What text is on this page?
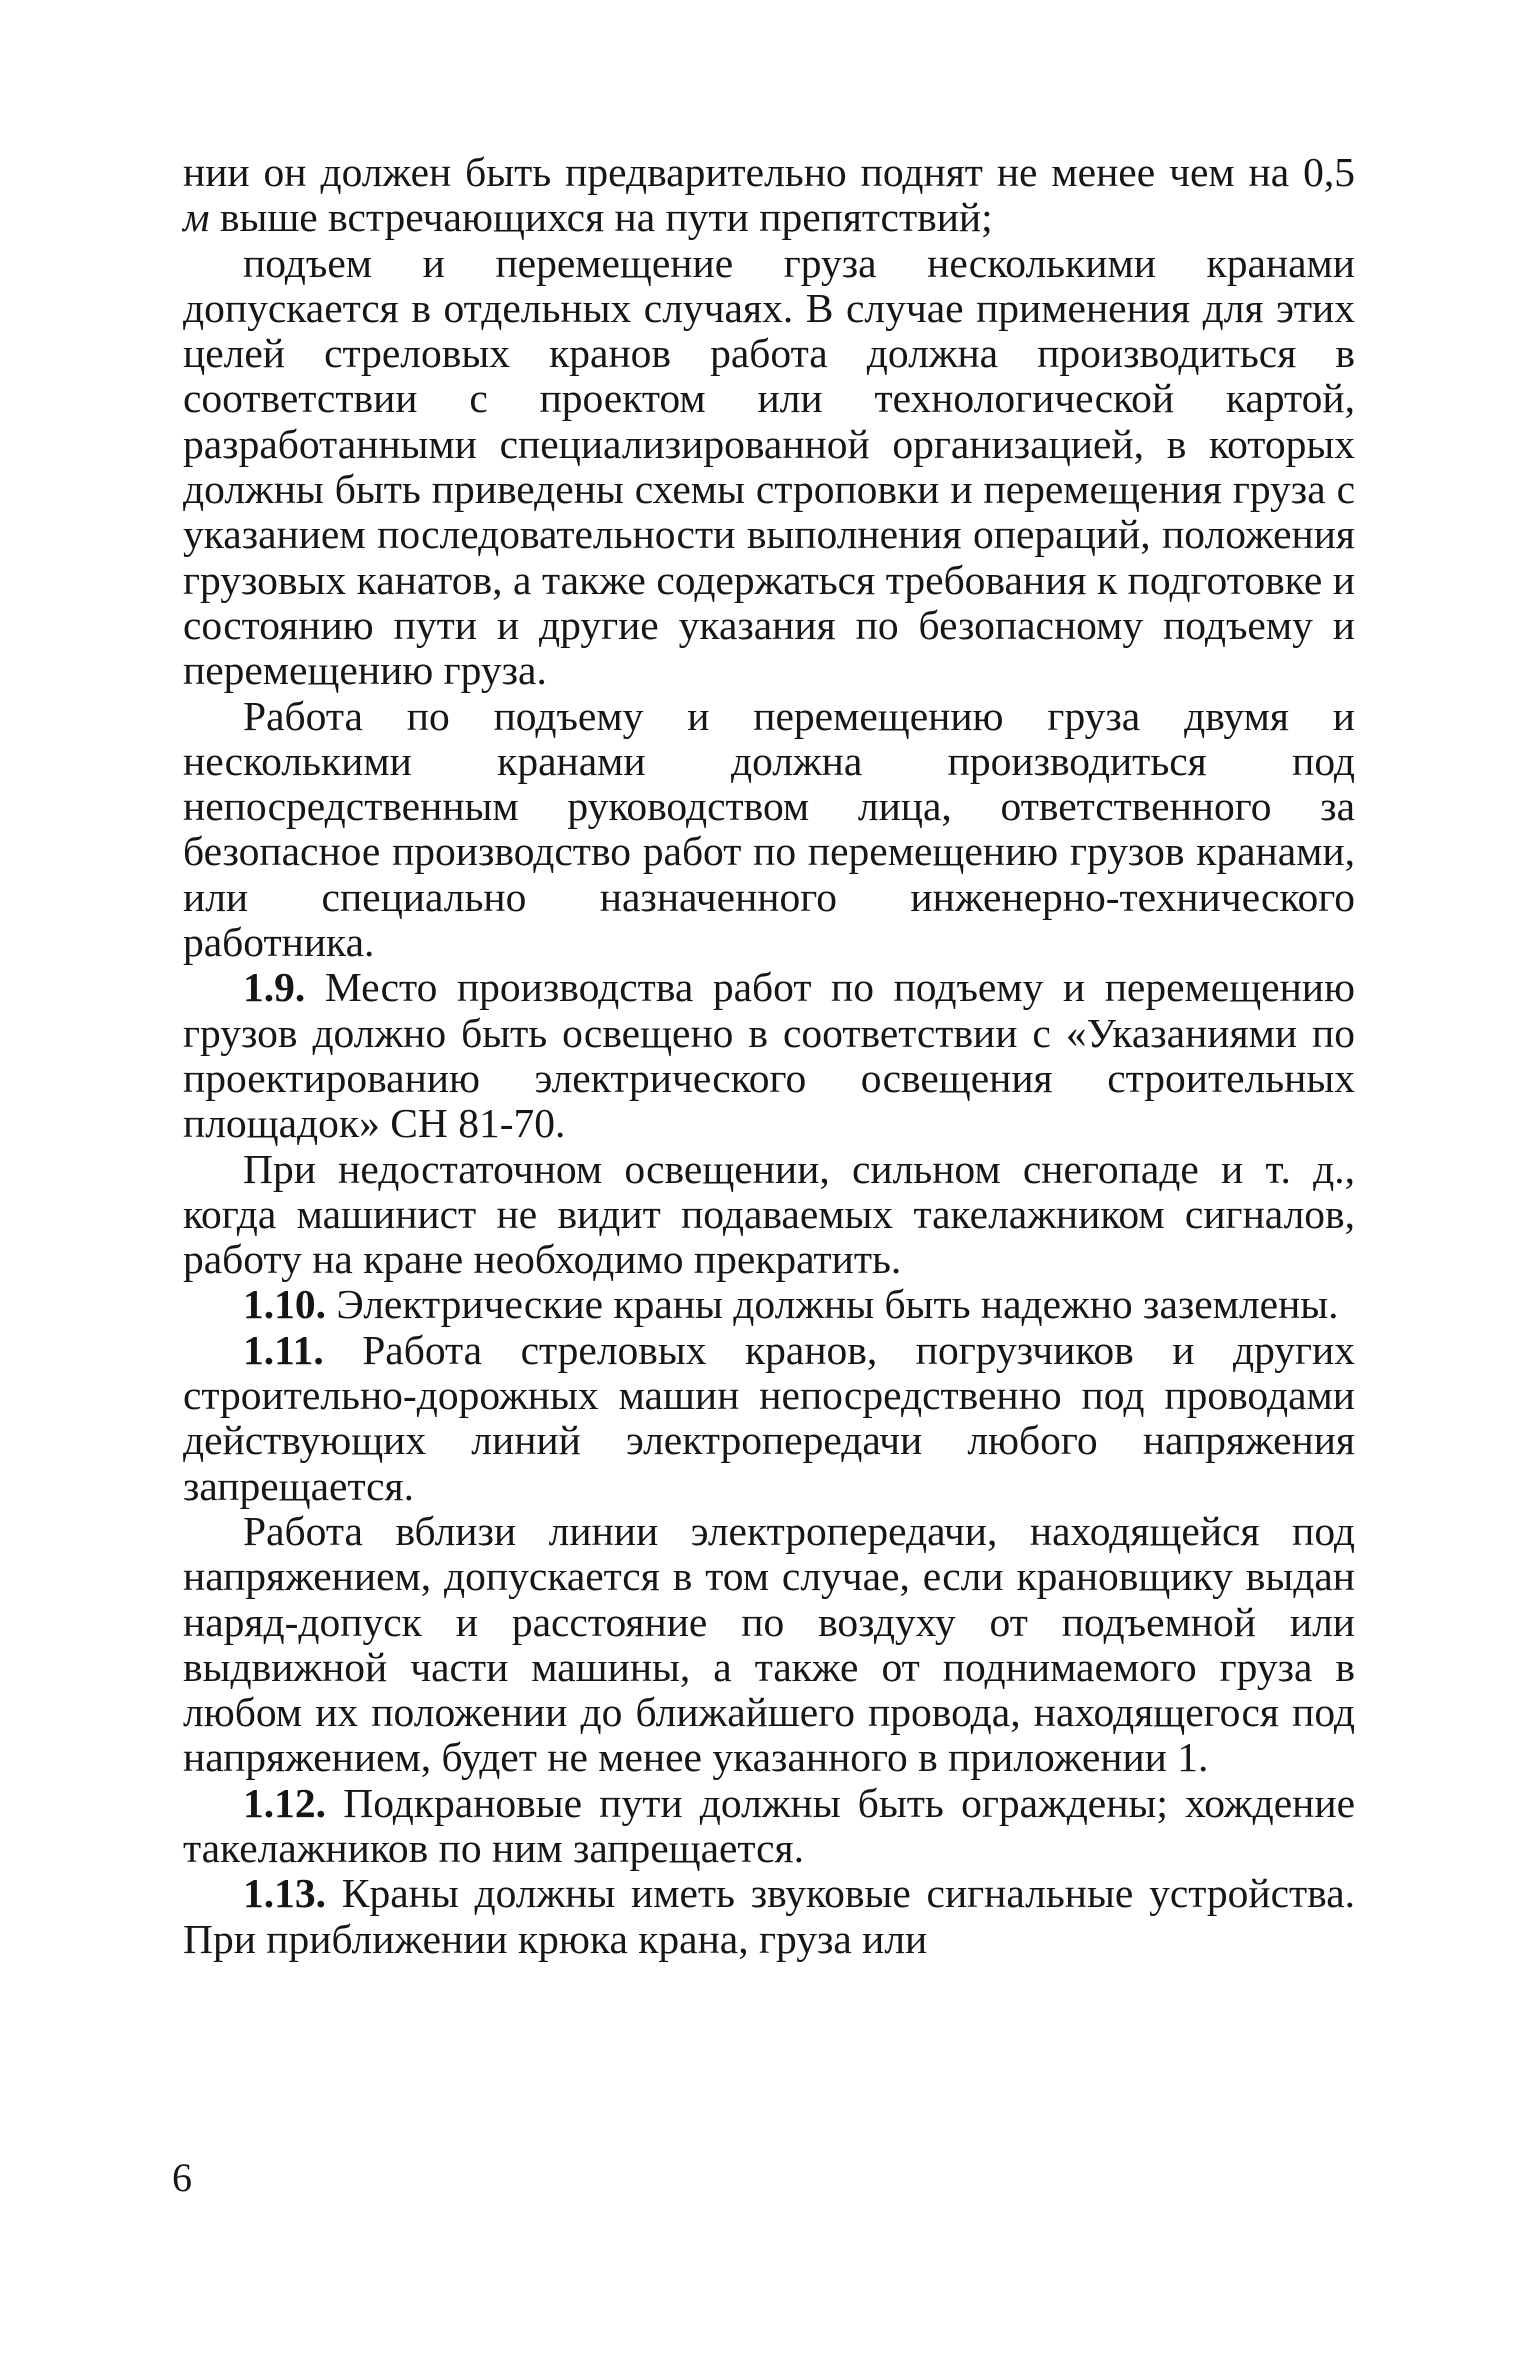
нии он должен быть предварительно поднят не менее чем на 0,5 м выше встречающихся на пути препятствий;

подъем и перемещение груза несколькими кранами допускается в отдельных случаях. В случае применения для этих целей стреловых кранов работа должна производиться в соответствии с проектом или технологической картой, разработанными специализированной организацией, в которых должны быть приведены схемы строповки и перемещения груза с указанием последовательности выполнения операций, положения грузовых канатов, а также содержаться требования к подготовке и состоянию пути и другие указания по безопасному подъему и перемещению груза.

Работа по подъему и перемещению груза двумя и несколькими кранами должна производиться под непосредственным руководством лица, ответственного за безопасное производство работ по перемещению грузов кранами, или специально назначенного инженерно-технического работника.

1.9. Место производства работ по подъему и перемещению грузов должно быть освещено в соответствии с «Указаниями по проектированию электрического освещения строительных площадок» СН 81-70.

При недостаточном освещении, сильном снегопаде и т. д., когда машинист не видит подаваемых такелажником сигналов, работу на кране необходимо прекратить.

1.10. Электрические краны должны быть надежно заземлены.

1.11. Работа стреловых кранов, погрузчиков и других строительно-дорожных машин непосредственно под проводами действующих линий электропередачи любого напряжения запрещается.

Работа вблизи линии электропередачи, находящейся под напряжением, допускается в том случае, если крановщику выдан наряд-допуск и расстояние по воздуху от подъемной или выдвижной части машины, а также от поднимаемого груза в любом их положении до ближайшего провода, находящегося под напряжением, будет не менее указанного в приложении 1.

1.12. Подкрановые пути должны быть ограждены; хождение такелажников по ним запрещается.

1.13. Краны должны иметь звуковые сигнальные устройства. При приближении крюка крана, груза или

6
